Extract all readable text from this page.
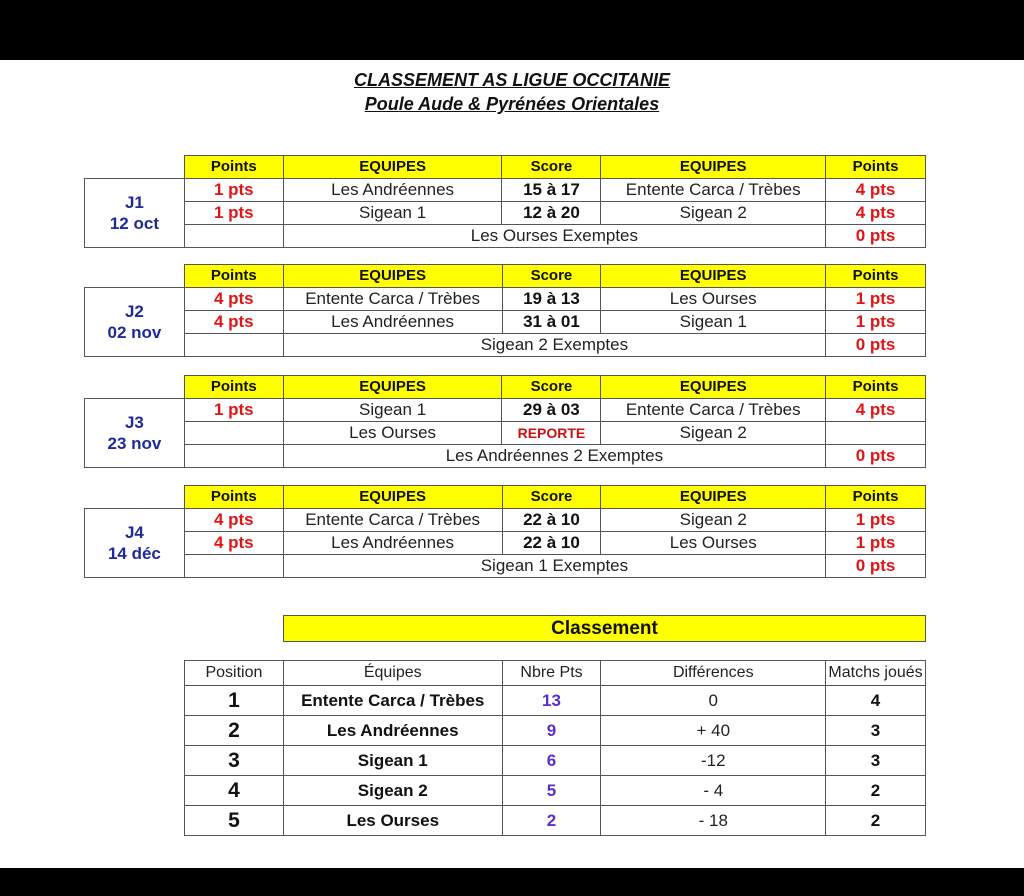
CLASSEMENT AS LIGUE OCCITANIE
Poule Aude & Pyrénées Orientales
	Points	EQUIPES	Score	EQUIPES	Points

J1
12 oct	1 pts	Les Andréennes	15 à 17	Entente Carca / Trèbes	4 pts
	1 pts	Sigean 1	12 à 20	Sigean 2	4 pts
		Les Ourses Exemptes			0 pts
	Points	EQUIPES	Score	EQUIPES	Points

J2
02 nov	4 pts	Entente Carca / Trèbes	19 à 13	Les Ourses	1 pts
	4 pts	Les Andréennes	31 à 01	Sigean 1	1 pts
		Sigean 2 Exemptes			0 pts
	Points	EQUIPES	Score	EQUIPES	Points

J3
23 nov	1 pts	Sigean 1	29 à 03	Entente Carca / Trèbes	4 pts
		Les Ourses	REPORTE	Sigean 2	
		Les Andréennes 2 Exemptes			0 pts
	Points	EQUIPES	Score	EQUIPES	Points

J4
14 déc	4 pts	Entente Carca / Trèbes	22 à 10	Sigean 2	1 pts
	4 pts	Les Andréennes	22 à 10	Les Ourses	1 pts
		Sigean 1 Exemptes			0 pts
Classement
Position	Équipes	Nbre Pts	Différences	Matchs joués
1	Entente Carca / Trèbes	13	0	4
2	Les Andréennes	9	+ 40	3
3	Sigean 1	6	-12	3
4	Sigean 2	5	- 4	2
5	Les Ourses	2	- 18	2
